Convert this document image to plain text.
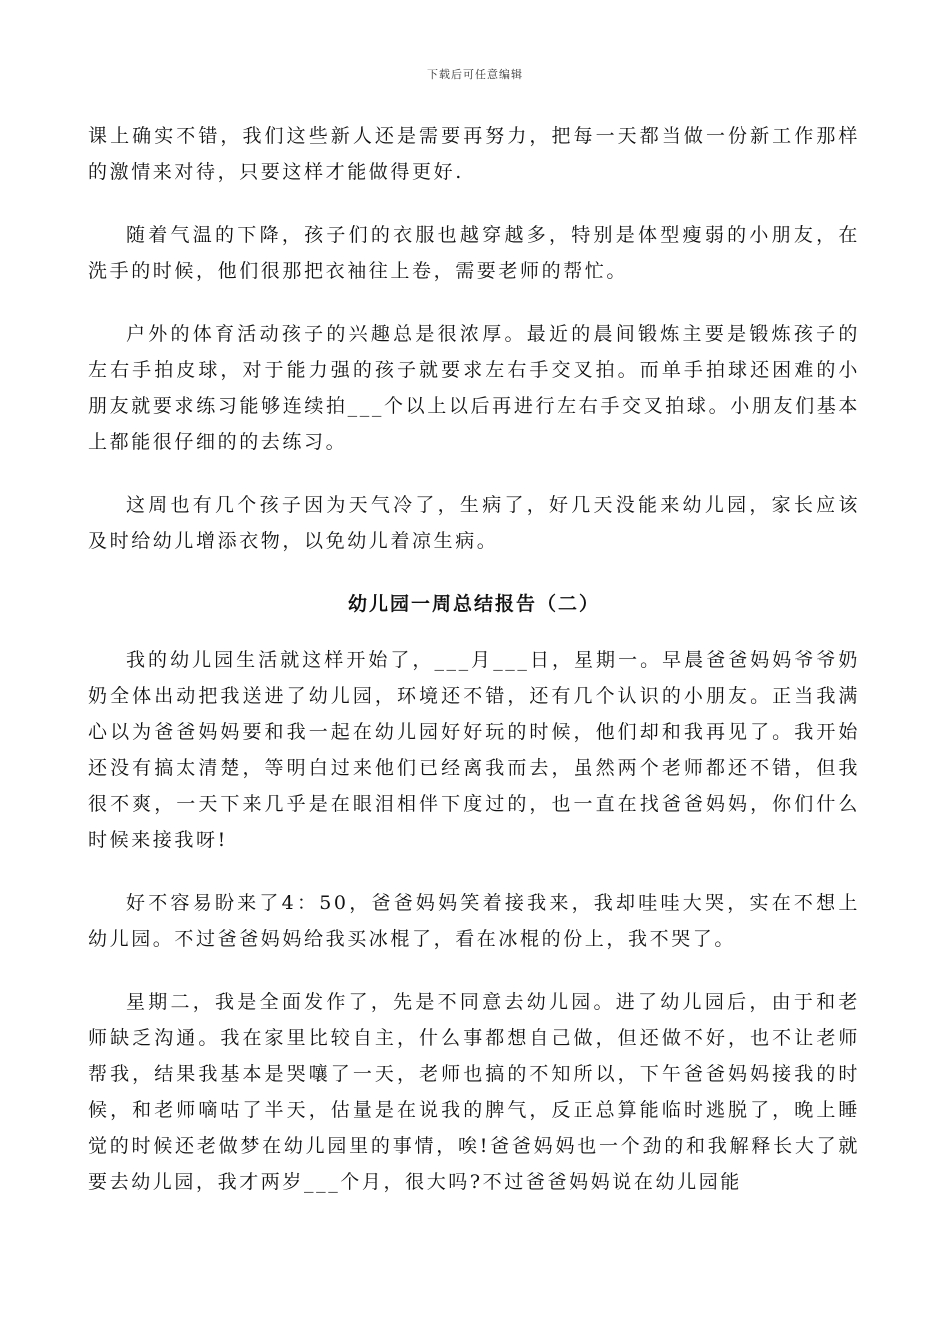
下载后可任意编辑

课上确实不错，我们这些新人还是需要再努力，把每一天都当做一份新工作那样的激情来对待，只要这样才能做得更好.

随着气温的下降，孩子们的衣服也越穿越多，特别是体型瘦弱的小朋友，在洗手的时候，他们很那把衣袖往上卷，需要老师的帮忙。

户外的体育活动孩子的兴趣总是很浓厚。最近的晨间锻炼主要是锻炼孩子的左右手拍皮球，对于能力强的孩子就要求左右手交叉拍。而单手拍球还困难的小朋友就要求练习能够连续拍___个以上以后再进行左右手交叉拍球。小朋友们基本上都能很仔细的的去练习。

这周也有几个孩子因为天气冷了，生病了，好几天没能来幼儿园，家长应该及时给幼儿增添衣物，以免幼儿着凉生病。

幼儿园一周总结报告（二）

我的幼儿园生活就这样开始了，___月___日，星期一。早晨爸爸妈妈爷爷奶奶全体出动把我送进了幼儿园，环境还不错，还有几个认识的小朋友。正当我满心以为爸爸妈妈要和我一起在幼儿园好好玩的时候，他们却和我再见了。我开始还没有搞太清楚，等明白过来他们已经离我而去，虽然两个老师都还不错，但我很不爽，一天下来几乎是在眼泪相伴下度过的，也一直在找爸爸妈妈，你们什么时候来接我呀!

好不容易盼来了4：50，爸爸妈妈笑着接我来，我却哇哇大哭，实在不想上幼儿园。不过爸爸妈妈给我买冰棍了，看在冰棍的份上，我不哭了。

星期二，我是全面发作了，先是不同意去幼儿园。进了幼儿园后，由于和老师缺乏沟通。我在家里比较自主，什么事都想自己做，但还做不好，也不让老师帮我，结果我基本是哭嚷了一天，老师也搞的不知所以，下午爸爸妈妈接我的时候，和老师嘀咕了半天，估量是在说我的脾气，反正总算能临时逃脱了，晚上睡觉的时候还老做梦在幼儿园里的事情，唉!爸爸妈妈也一个劲的和我解释长大了就要去幼儿园，我才两岁___个月，很大吗?不过爸爸妈妈说在幼儿园能
